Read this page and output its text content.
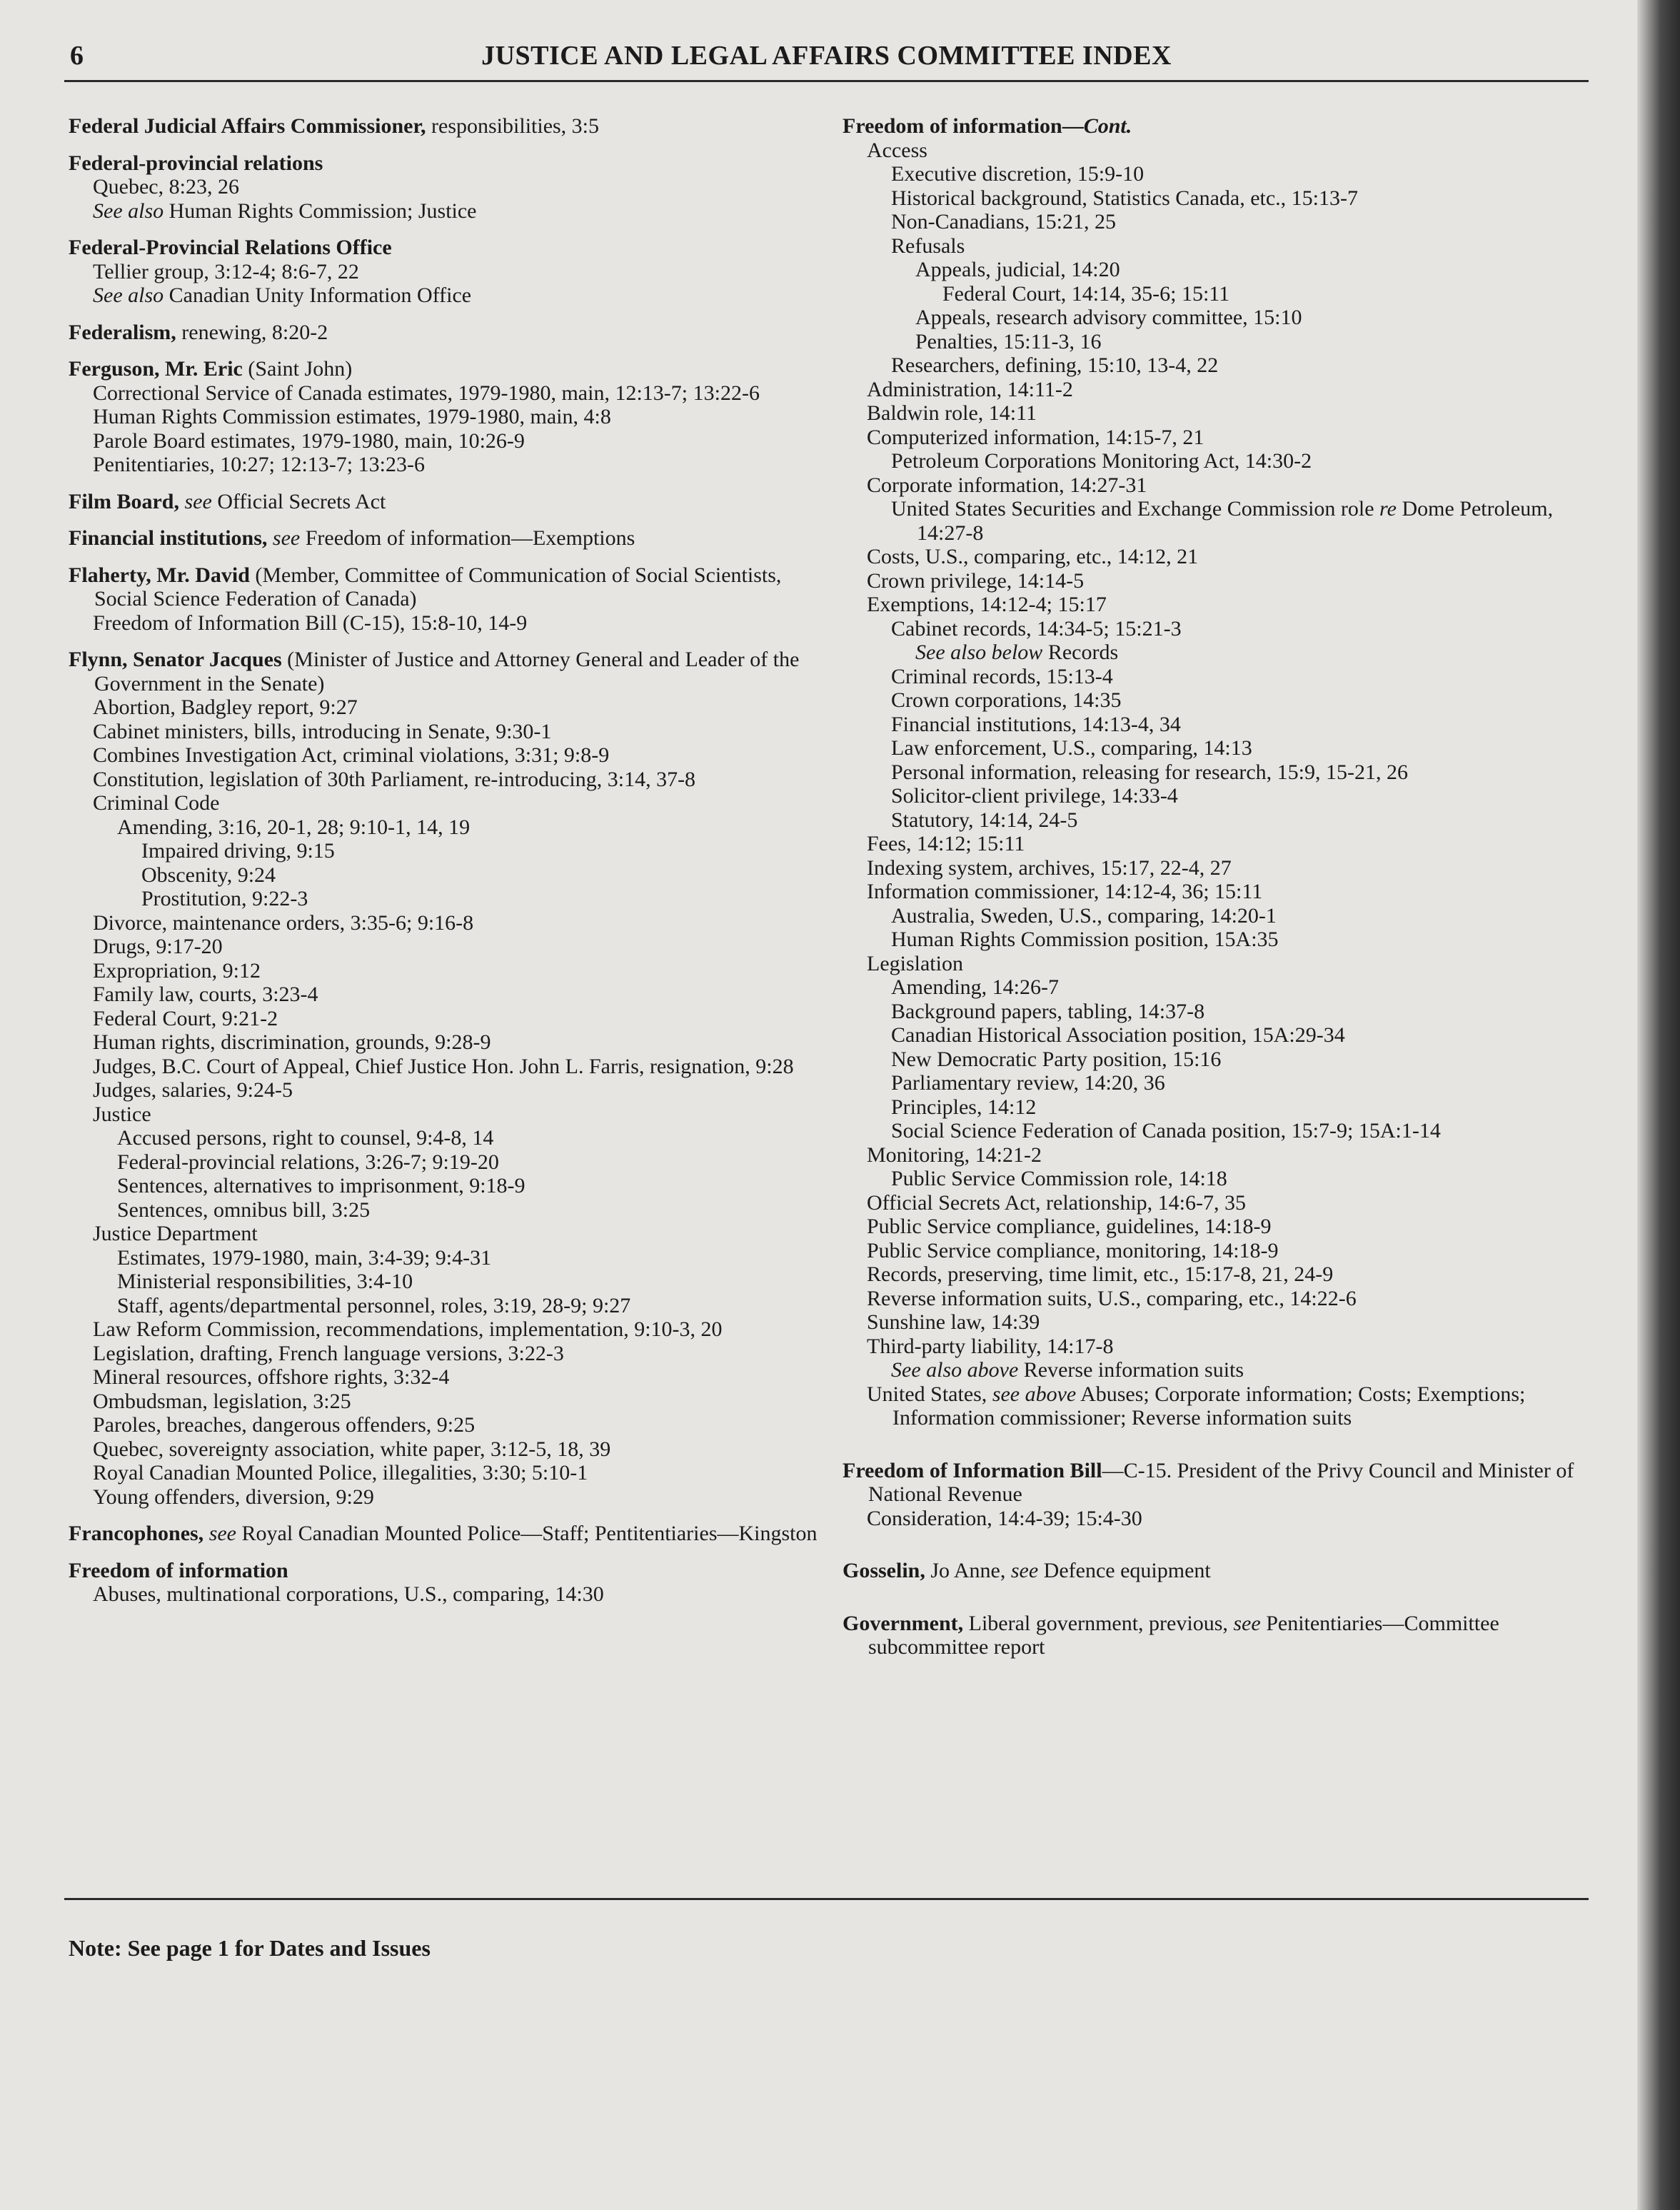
6	JUSTICE AND LEGAL AFFAIRS COMMITTEE INDEX
Federal Judicial Affairs Commissioner, responsibilities, 3:5
Federal-provincial relations
Quebec, 8:23, 26
See also Human Rights Commission; Justice
Federal-Provincial Relations Office
Tellier group, 3:12-4; 8:6-7, 22
See also Canadian Unity Information Office
Federalism, renewing, 8:20-2
Ferguson, Mr. Eric (Saint John)
Correctional Service of Canada estimates, 1979-1980, main, 12:13-7; 13:22-6
Human Rights Commission estimates, 1979-1980, main, 4:8
Parole Board estimates, 1979-1980, main, 10:26-9
Penitentiaries, 10:27; 12:13-7; 13:23-6
Film Board, see Official Secrets Act
Financial institutions, see Freedom of information—Exemptions
Flaherty, Mr. David (Member, Committee of Communication of Social Scientists, Social Science Federation of Canada)
Freedom of Information Bill (C-15), 15:8-10, 14-9
Flynn, Senator Jacques (Minister of Justice and Attorney General and Leader of the Government in the Senate)
Abortion, Badgley report, 9:27
Cabinet ministers, bills, introducing in Senate, 9:30-1
Combines Investigation Act, criminal violations, 3:31; 9:8-9
Constitution, legislation of 30th Parliament, re-introducing, 3:14, 37-8
Criminal Code
Amending, 3:16, 20-1, 28; 9:10-1, 14, 19
Impaired driving, 9:15
Obscenity, 9:24
Prostitution, 9:22-3
Divorce, maintenance orders, 3:35-6; 9:16-8
Drugs, 9:17-20
Expropriation, 9:12
Family law, courts, 3:23-4
Federal Court, 9:21-2
Human rights, discrimination, grounds, 9:28-9
Judges, B.C. Court of Appeal, Chief Justice Hon. John L. Farris, resignation, 9:28
Judges, salaries, 9:24-5
Justice
Accused persons, right to counsel, 9:4-8, 14
Federal-provincial relations, 3:26-7; 9:19-20
Sentences, alternatives to imprisonment, 9:18-9
Sentences, omnibus bill, 3:25
Justice Department
Estimates, 1979-1980, main, 3:4-39; 9:4-31
Ministerial responsibilities, 3:4-10
Staff, agents/departmental personnel, roles, 3:19, 28-9; 9:27
Law Reform Commission, recommendations, implementation, 9:10-3, 20
Legislation, drafting, French language versions, 3:22-3
Mineral resources, offshore rights, 3:32-4
Ombudsman, legislation, 3:25
Paroles, breaches, dangerous offenders, 9:25
Quebec, sovereignty association, white paper, 3:12-5, 18, 39
Royal Canadian Mounted Police, illegalities, 3:30; 5:10-1
Young offenders, diversion, 9:29
Francophones, see Royal Canadian Mounted Police—Staff; Pentitentiaries—Kingston
Freedom of information
Abuses, multinational corporations, U.S., comparing, 14:30
Freedom of information—Cont.
Access
Executive discretion, 15:9-10
Historical background, Statistics Canada, etc., 15:13-7
Non-Canadians, 15:21, 25
Refusals
Appeals, judicial, 14:20
Federal Court, 14:14, 35-6; 15:11
Appeals, research advisory committee, 15:10
Penalties, 15:11-3, 16
Researchers, defining, 15:10, 13-4, 22
Administration, 14:11-2
Baldwin role, 14:11
Computerized information, 14:15-7, 21
Petroleum Corporations Monitoring Act, 14:30-2
Corporate information, 14:27-31
United States Securities and Exchange Commission role re Dome Petroleum, 14:27-8
Costs, U.S., comparing, etc., 14:12, 21
Crown privilege, 14:14-5
Exemptions, 14:12-4; 15:17
Cabinet records, 14:34-5; 15:21-3
See also below Records
Criminal records, 15:13-4
Crown corporations, 14:35
Financial institutions, 14:13-4, 34
Law enforcement, U.S., comparing, 14:13
Personal information, releasing for research, 15:9, 15-21, 26
Solicitor-client privilege, 14:33-4
Statutory, 14:14, 24-5
Fees, 14:12; 15:11
Indexing system, archives, 15:17, 22-4, 27
Information commissioner, 14:12-4, 36; 15:11
Australia, Sweden, U.S., comparing, 14:20-1
Human Rights Commission position, 15A:35
Legislation
Amending, 14:26-7
Background papers, tabling, 14:37-8
Canadian Historical Association position, 15A:29-34
New Democratic Party position, 15:16
Parliamentary review, 14:20, 36
Principles, 14:12
Social Science Federation of Canada position, 15:7-9; 15A:1-14
Monitoring, 14:21-2
Public Service Commission role, 14:18
Official Secrets Act, relationship, 14:6-7, 35
Public Service compliance, guidelines, 14:18-9
Public Service compliance, monitoring, 14:18-9
Records, preserving, time limit, etc., 15:17-8, 21, 24-9
Reverse information suits, U.S., comparing, etc., 14:22-6
Sunshine law, 14:39
Third-party liability, 14:17-8
See also above Reverse information suits
United States, see above Abuses; Corporate information; Costs; Exemptions; Information commissioner; Reverse information suits
Freedom of Information Bill—C-15. President of the Privy Council and Minister of National Revenue
Consideration, 14:4-39; 15:4-30
Gosselin, Jo Anne, see Defence equipment
Government, Liberal government, previous, see Penitentiaries—Committee subcommittee report
Note: See page 1 for Dates and Issues
